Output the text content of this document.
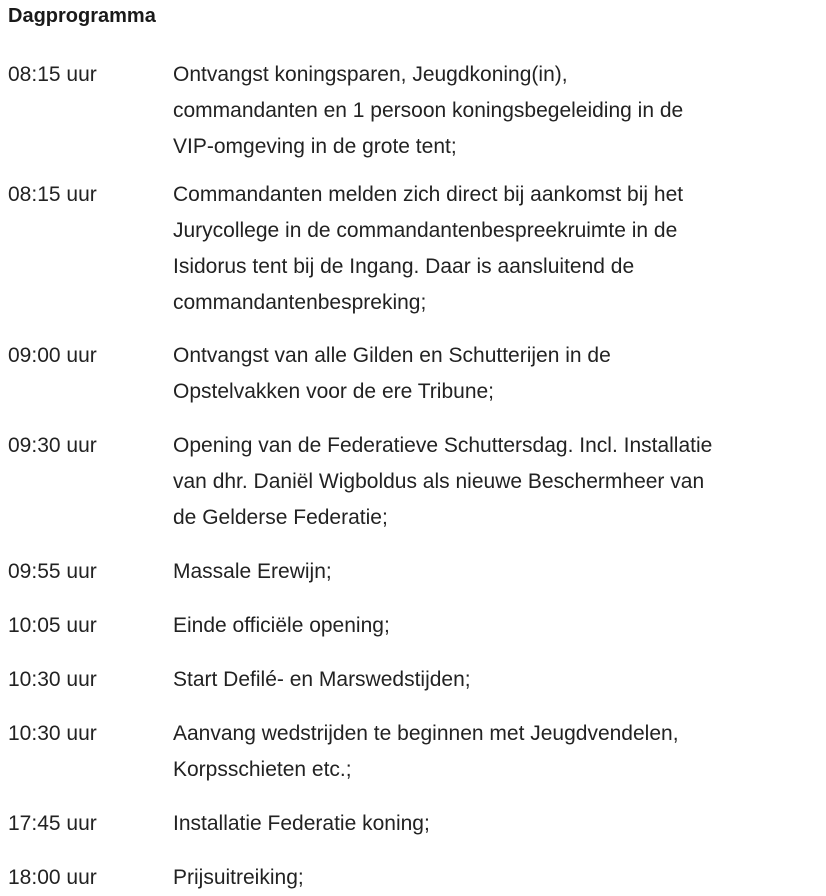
Dagprogramma
08:15 uur	Ontvangst koningsparen, Jeugdkoning(in),
commandanten en 1 persoon koningsbegeleiding in de
VIP-omgeving in de grote tent;
08:15 uur	Commandanten melden zich direct bij aankomst bij het
Jurycollege in de commandantenbespreekruimte in de
Isidorus tent bij de Ingang. Daar is aansluitend de
commandantenbespreking;
09:00 uur	Ontvangst van alle Gilden en Schutterijen in de
Opstelvakken voor de ere Tribune;
09:30 uur	Opening van de Federatieve Schuttersdag. Incl. Installatie
van dhr. Daniël Wigboldus als nieuwe Beschermheer van
de Gelderse Federatie;
09:55 uur	Massale Erewijn;
10:05 uur	Einde officiële opening;
10:30 uur	Start Defilé- en Marswedstijden;
10:30 uur	Aanvang wedstrijden te beginnen met Jeugdvendelen,
Korpsschieten etc.;
17:45 uur	Installatie Federatie koning;
18:00 uur	Prijsuitreiking;
